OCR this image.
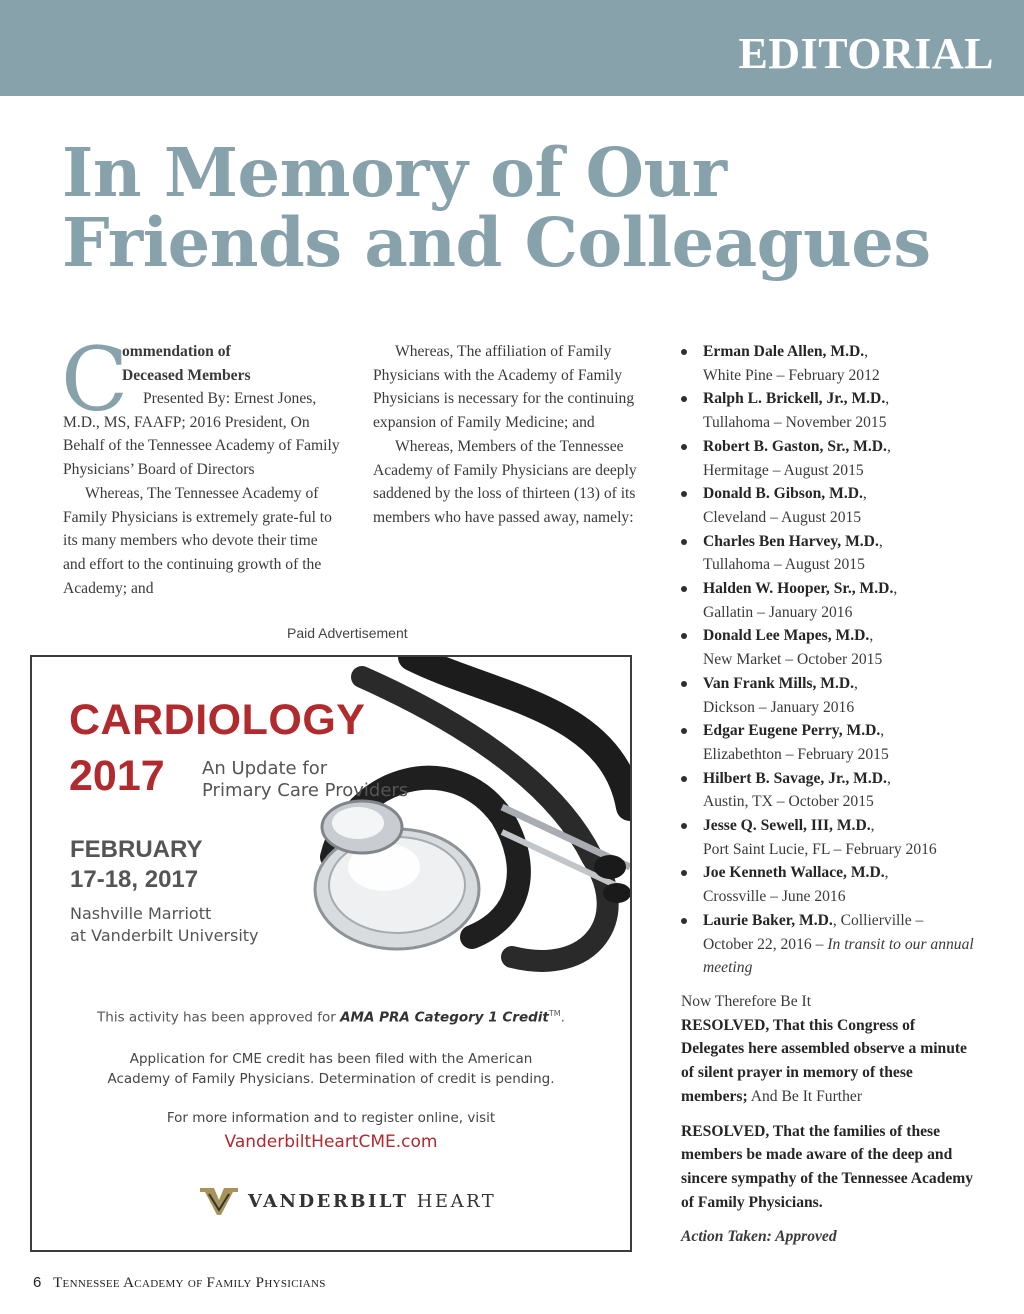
EDITORIAL
In Memory of Our
Friends and Colleagues
C
ommendation of
Deceased Members

Presented By: Ernest Jones, M.D., MS, FAAFP; 2016 President, On Behalf of the Tennessee Academy of Family Physicians’ Board of Directors

Whereas, The Tennessee Academy of Family Physicians is extremely grate-ful to its many members who devote their time and effort to the continuing growth of the Academy; and

Whereas, The affiliation of Family Physicians with the Academy of Family Physicians is necessary for the continuing expansion of Family Medicine; and

Whereas, Members of the Tennessee Academy of Family Physicians are deeply saddened by the loss of thirteen (13) of its members who have passed away, namely:

Paid Advertisement
CARDIOLOGY
2017 An Update for
Primary Care Providers
FEBRUARY
17-18, 2017
Nashville Marriott
at Vanderbilt University
This activity has been approved for AMA PRA Category 1 Credit™.
Application for CME credit has been filed with the American
Academy of Family Physicians. Determination of credit is pending.
For more information and to register online, visit
VanderbiltHeartCME.com
VANDERBILT HEART
Erman Dale Allen, M.D.,
White Pine – February 2012
Ralph L. Brickell, Jr., M.D.,
Tullahoma – November 2015
Robert B. Gaston, Sr., M.D.,
Hermitage – August 2015
Donald B. Gibson, M.D.,
Cleveland – August 2015
Charles Ben Harvey, M.D.,
Tullahoma – August 2015
Halden W. Hooper, Sr., M.D.,
Gallatin – January 2016
Donald Lee Mapes, M.D.,
New Market – October 2015
Van Frank Mills, M.D.,
Dickson – January 2016
Edgar Eugene Perry, M.D.,
Elizabethton – February 2015
Hilbert B. Savage, Jr., M.D.,
Austin, TX – October 2015
Jesse Q. Sewell, III, M.D.,
Port Saint Lucie, FL – February 2016
Joe Kenneth Wallace, M.D.,
Crossville – June 2016
Laurie Baker, M.D., Collierville –
October 22, 2016 – In transit to our annual meeting

Now Therefore Be It

RESOLVED, That this Congress of Delegates here assembled observe a minute of silent prayer in memory of these members; And Be It Further

RESOLVED, That the families of these members be made aware of the deep and sincere sympathy of the Tennessee Academy of Family Physicians.

Action Taken: Approved

6 Tennessee Academy of Family Physicians
